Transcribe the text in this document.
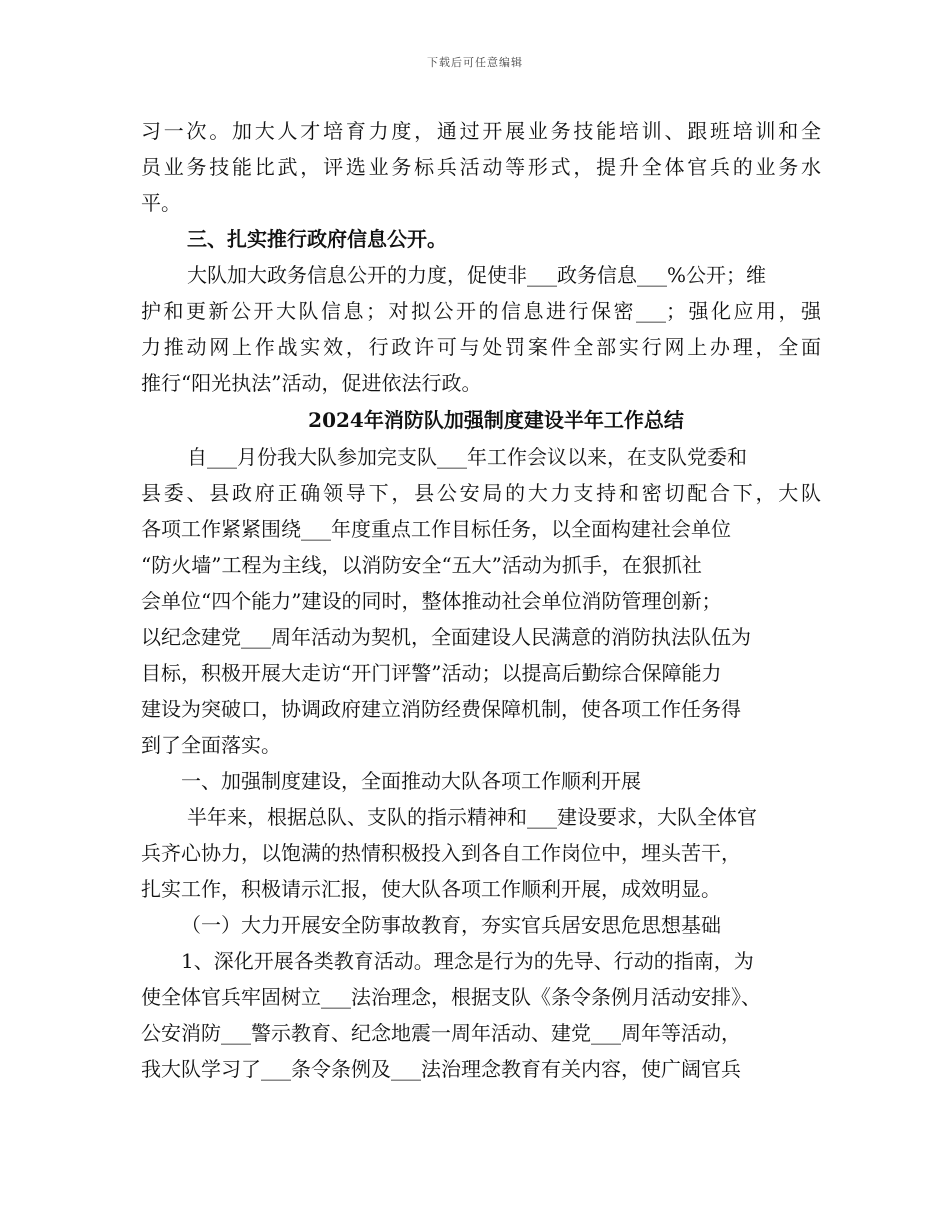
下载后可任意编辑
习一次。加大人才培育力度，通过开展业务技能培训、跟班培训和全
员业务技能比武，评选业务标兵活动等形式，提升全体官兵的业务水
平。
三、扎实推行政府信息公开。
大队加大政务信息公开的力度，促使非___政务信息___%公开；维
护和更新公开大队信息；对拟公开的信息进行保密___；强化应用，强
力推动网上作战实效，行政许可与处罚案件全部实行网上办理，全面
推行“阳光执法”活动，促进依法行政。
2024年消防队加强制度建设半年工作总结
自___月份我大队参加完支队___年工作会议以来，在支队党委和
县委、县政府正确领导下，县公安局的大力支持和密切配合下，大队
各项工作紧紧围绕___年度重点工作目标任务，以全面构建社会单位
“防火墙”工程为主线，以消防安全“五大”活动为抓手，在狠抓社
会单位“四个能力”建设的同时，整体推动社会单位消防管理创新；
以纪念建党___周年活动为契机，全面建设人民满意的消防执法队伍为
目标，积极开展大走访“开门评警”活动；以提高后勤综合保障能力
建设为突破口，协调政府建立消防经费保障机制，使各项工作任务得
到了全面落实。
一、加强制度建设，全面推动大队各项工作顺利开展
半年来，根据总队、支队的指示精神和___建设要求，大队全体官
兵齐心协力，以饱满的热情积极投入到各自工作岗位中，埋头苦干，
扎实工作，积极请示汇报，使大队各项工作顺利开展，成效明显。
（一）大力开展安全防事故教育，夯实官兵居安思危思想基础
1、深化开展各类教育活动。理念是行为的先导、行动的指南，为
使全体官兵牢固树立___法治理念，根据支队《条令条例月活动安排》、
公安消防___警示教育、纪念地震一周年活动、建党___周年等活动，
我大队学习了___条令条例及___法治理念教育有关内容，使广阔官兵
